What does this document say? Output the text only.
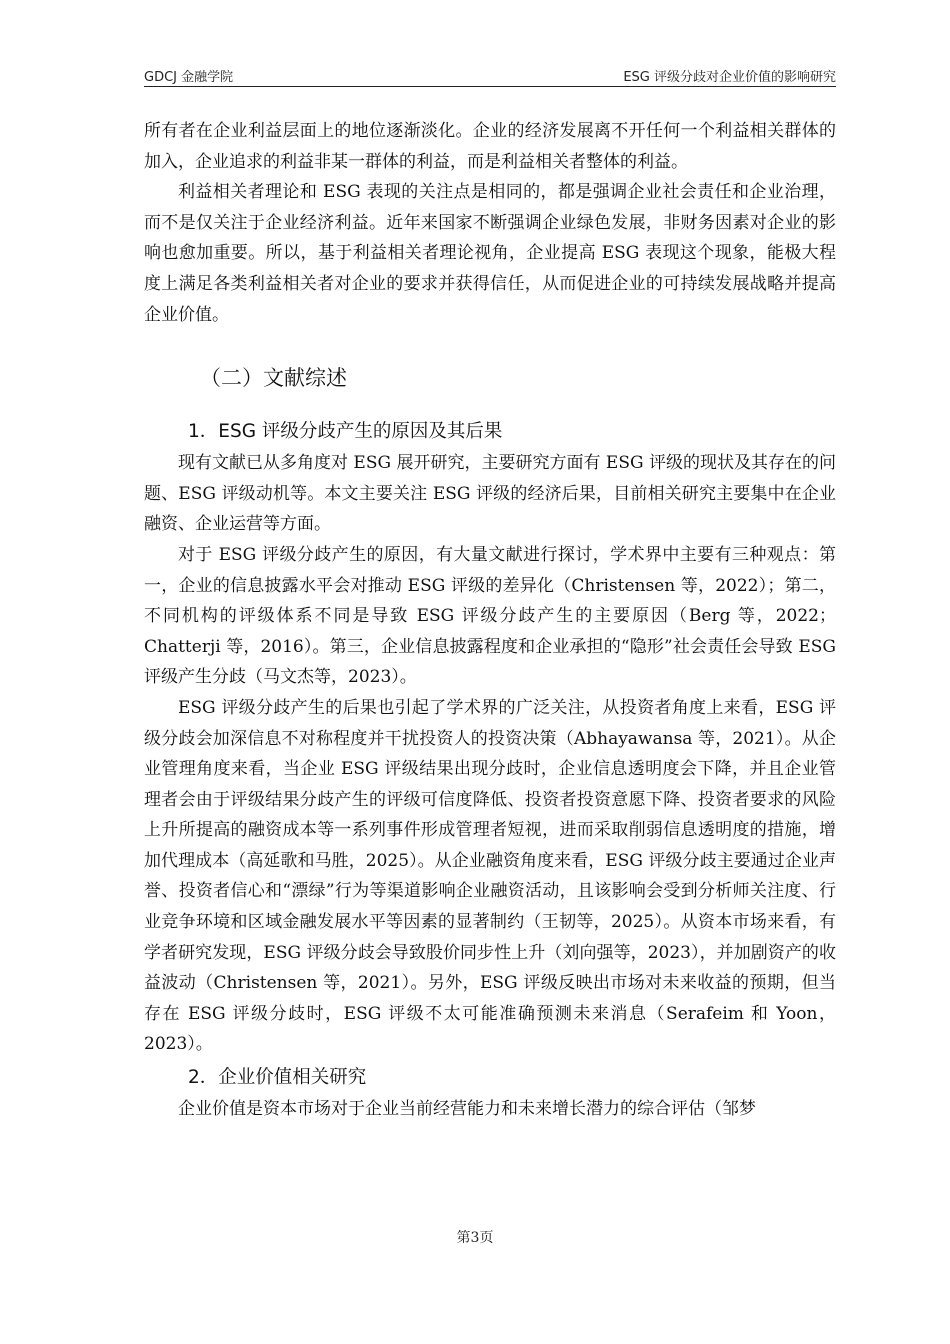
GDCJ 金融学院	ESG 评级分歧对企业价值的影响研究

所有者在企业利益层面上的地位逐渐淡化。企业的经济发展离不开任何一个利益相关群体的加入，企业追求的利益非某一群体的利益，而是利益相关者整体的利益。

利益相关者理论和 ESG 表现的关注点是相同的，都是强调企业社会责任和企业治理，而不是仅关注于企业经济利益。近年来国家不断强调企业绿色发展，非财务因素对企业的影响也愈加重要。所以，基于利益相关者理论视角，企业提高 ESG 表现这个现象，能极大程度上满足各类利益相关者对企业的要求并获得信任，从而促进企业的可持续发展战略并提高企业价值。

（二）文献综述
1．ESG 评级分歧产生的原因及其后果

现有文献已从多角度对 ESG 展开研究，主要研究方面有 ESG 评级的现状及其存在的问题、ESG 评级动机等。本文主要关注 ESG 评级的经济后果，目前相关研究主要集中在企业融资、企业运营等方面。

对于 ESG 评级分歧产生的原因，有大量文献进行探讨，学术界中主要有三种观点：第一，企业的信息披露水平会对推动 ESG 评级的差异化（Christensen 等，2022）；第二，不同机构的评级体系不同是导致 ESG 评级分歧产生的主要原因（Berg 等，2022；Chatterji 等，2016）。第三，企业信息披露程度和企业承担的“隐形”社会责任会导致 ESG 评级产生分歧（马文杰等，2023）。

ESG 评级分歧产生的后果也引起了学术界的广泛关注，从投资者角度上来看，ESG 评级分歧会加深信息不对称程度并干扰投资人的投资决策（Abhayawansa 等，2021）。从企业管理角度来看，当企业 ESG 评级结果出现分歧时，企业信息透明度会下降，并且企业管理者会由于评级结果分歧产生的评级可信度降低、投资者投资意愿下降、投资者要求的风险上升所提高的融资成本等一系列事件形成管理者短视，进而采取削弱信息透明度的措施，增加代理成本（高延歌和马胜，2025）。从企业融资角度来看，ESG 评级分歧主要通过企业声誉、投资者信心和“漂绿”行为等渠道影响企业融资活动，且该影响会受到分析师关注度、行业竞争环境和区域金融发展水平等因素的显著制约（王韧等，2025）。从资本市场来看，有学者研究发现，ESG 评级分歧会导致股价同步性上升（刘向强等，2023），并加剧资产的收益波动（Christensen 等，2021）。另外，ESG 评级反映出市场对未来收益的预期，但当存在 ESG 评级分歧时，ESG 评级不太可能准确预测未来消息（Serafeim 和 Yoon，2023）。

2．企业价值相关研究

企业价值是资本市场对于企业当前经营能力和未来增长潜力的综合评估（邹梦

第3页
